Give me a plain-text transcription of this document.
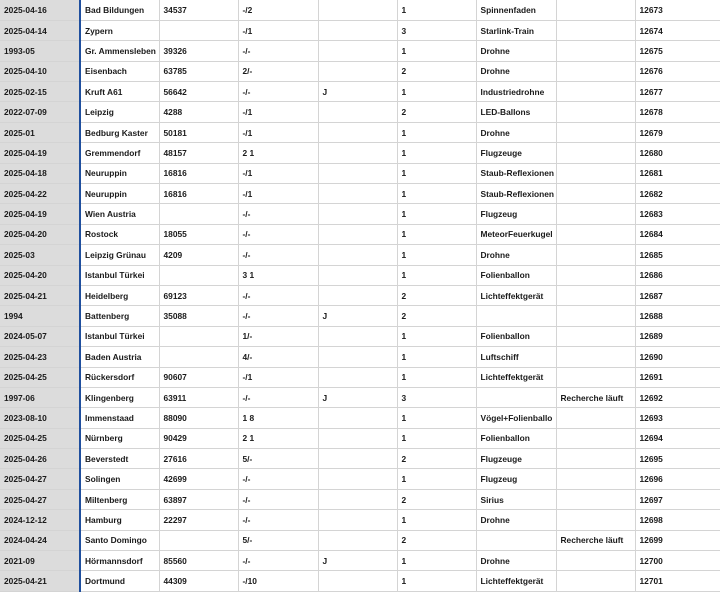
2025-04-16	Bad Bildungen	34537	-/2		1	Spinnenfaden		12673
2025-04-14	Zypern		-/1		3	Starlink-Train		12674
1993-05	Gr. Ammensleben	39326	-/-		1	Drohne		12675
2025-04-10	Eisenbach	63785	2/-		2	Drohne		12676
2025-02-15	Kruft A61	56642	-/-	J	1	Industriedrohne		12677
2022-07-09	Leipzig	4288	-/1		2	LED-Ballons		12678
2025-01	Bedburg Kaster	50181	-/1		1	Drohne		12679
2025-04-19	Gremmendorf	48157	2 1		1	Flugzeuge		12680
2025-04-18	Neuruppin	16816	-/1		1	Staub-Reflexionen		12681
2025-04-22	Neuruppin	16816	-/1		1	Staub-Reflexionen		12682
2025-04-19	Wien Austria		-/-		1	Flugzeug		12683
2025-04-20	Rostock	18055	-/-		1	MeteorFeuerkugel		12684
2025-03	Leipzig Grünau	4209	-/-		1	Drohne		12685
2025-04-20	Istanbul Türkei		3 1		1	Folienballon		12686
2025-04-21	Heidelberg	69123	-/-		2	Lichteffektgerät		12687
1994	Battenberg	35088	-/-	J	2			12688
2024-05-07	Istanbul Türkei		1/-		1	Folienballon		12689
2025-04-23	Baden Austria		4/-		1	Luftschiff		12690
2025-04-25	Rückersdorf	90607	-/1		1	Lichteffektgerät		12691
1997-06	Klingenberg	63911	-/-	J	3		Recherche läuft	12692
2023-08-10	Immenstaad	88090	1 8		1	Vögel+Folienballo		12693
2025-04-25	Nürnberg	90429	2 1		1	Folienballon		12694
2025-04-26	Beverstedt	27616	5/-		2	Flugzeuge		12695
2025-04-27	Solingen	42699	-/-		1	Flugzeug		12696
2025-04-27	Miltenberg	63897	-/-		2	Sirius		12697
2024-12-12	Hamburg	22297	-/-		1	Drohne		12698
2024-04-24	Santo Domingo		5/-		2		Recherche läuft	12699
2021-09	Hörmannsdorf	85560	-/-	J	1	Drohne		12700
2025-04-21	Dortmund	44309	-/10		1	Lichteffektgerät		12701
